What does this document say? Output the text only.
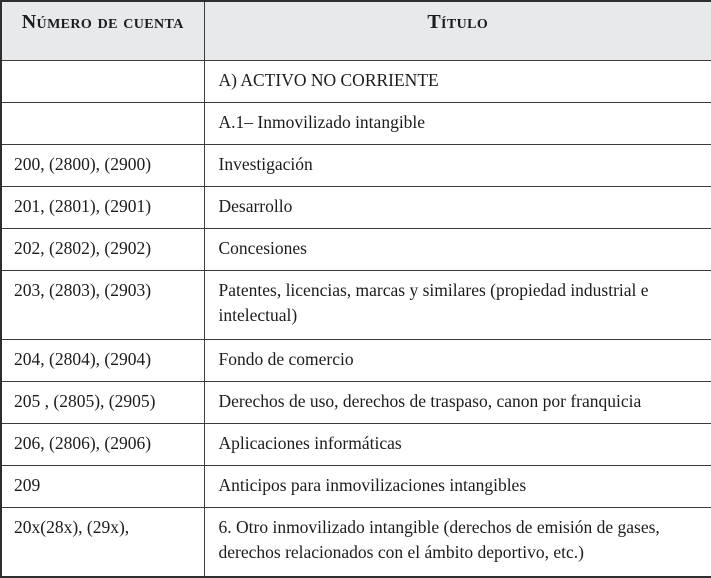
Número de cuenta	Título
	A) ACTIVO NO CORRIENTE
	A.1– Inmovilizado intangible
200, (2800), (2900)	Investigación
201, (2801), (2901)	Desarrollo
202, (2802), (2902)	Concesiones
203, (2803), (2903)	Patentes, licencias, marcas y similares (propiedad industrial e intelectual)
204, (2804), (2904)	Fondo de comercio
205 , (2805), (2905)	Derechos de uso, derechos de traspaso, canon por franquicia
206, (2806), (2906)	Aplicaciones informáticas
209	Anticipos para inmovilizaciones intangibles
20x(28x), (29x),	6. Otro inmovilizado intangible (derechos de emisión de gases, derechos relacionados con el ámbito deportivo, etc.)
